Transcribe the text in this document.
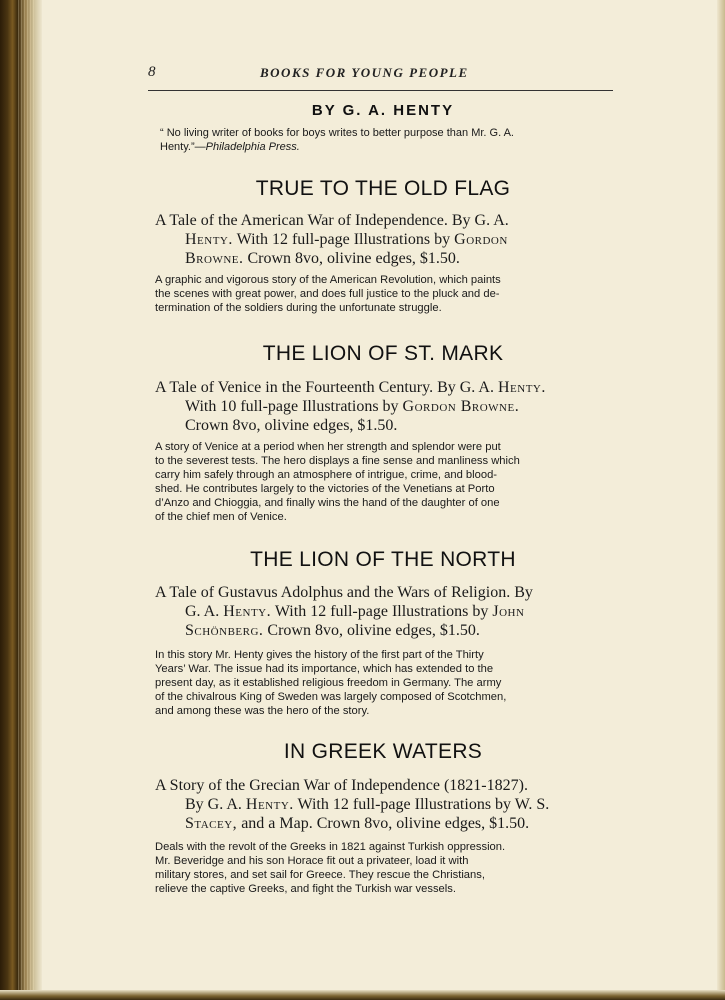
8	BOOKS FOR YOUNG PEOPLE
BY G. A. HENTY
“ No living writer of books for boys writes to better purpose than Mr. G. A.
Henty.”—Philadelphia Press.
TRUE TO THE OLD FLAG
A Tale of the American War of Independence. By G. A.
Henty. With 12 full-page Illustrations by Gordon
Browne. Crown 8vo, olivine edges, $1.50.
A graphic and vigorous story of the American Revolution, which paints
the scenes with great power, and does full justice to the pluck and de-
termination of the soldiers during the unfortunate struggle.
THE LION OF ST. MARK
A Tale of Venice in the Fourteenth Century. By G. A. Henty.
With 10 full-page Illustrations by Gordon Browne.
Crown 8vo, olivine edges, $1.50.
A story of Venice at a period when her strength and splendor were put
to the severest tests. The hero displays a fine sense and manliness which
carry him safely through an atmosphere of intrigue, crime, and blood-
shed. He contributes largely to the victories of the Venetians at Porto
d’Anzo and Chioggia, and finally wins the hand of the daughter of one
of the chief men of Venice.
THE LION OF THE NORTH
A Tale of Gustavus Adolphus and the Wars of Religion. By
G. A. Henty. With 12 full-page Illustrations by John
Schönberg. Crown 8vo, olivine edges, $1.50.
In this story Mr. Henty gives the history of the first part of the Thirty
Years’ War. The issue had its importance, which has extended to the
present day, as it established religious freedom in Germany. The army
of the chivalrous King of Sweden was largely composed of Scotchmen,
and among these was the hero of the story.
IN GREEK WATERS
A Story of the Grecian War of Independence (1821-1827).
By G. A. Henty. With 12 full-page Illustrations by W. S.
Stacey, and a Map. Crown 8vo, olivine edges, $1.50.
Deals with the revolt of the Greeks in 1821 against Turkish oppression.
Mr. Beveridge and his son Horace fit out a privateer, load it with
military stores, and set sail for Greece. They rescue the Christians,
relieve the captive Greeks, and fight the Turkish war vessels.
